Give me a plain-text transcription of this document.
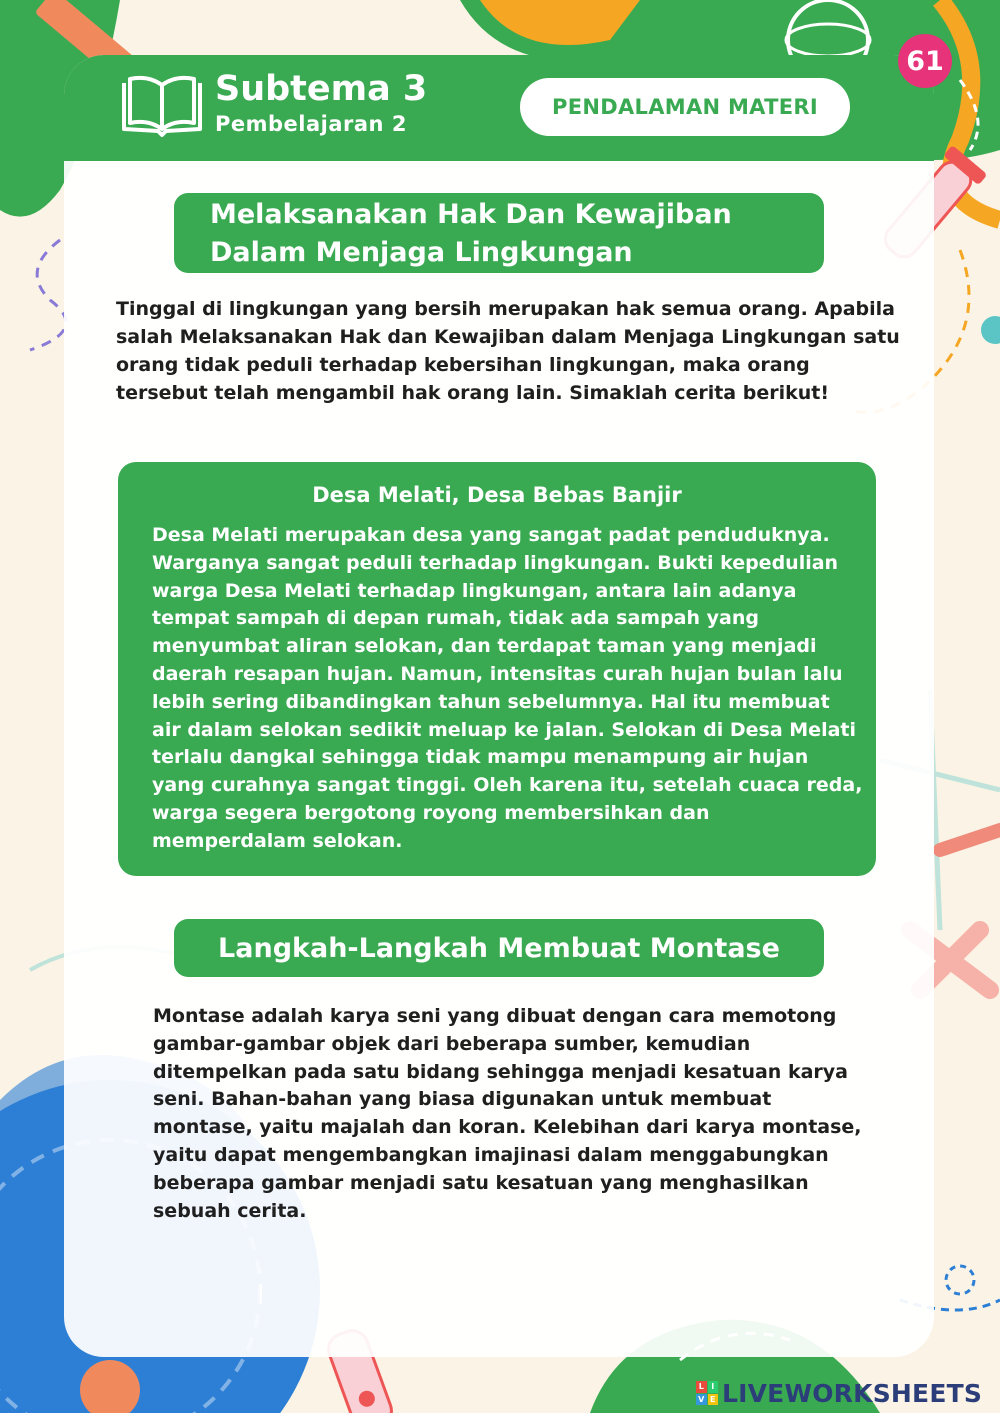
Subtema 3
Pembelajaran 2
PENDALAMAN MATERI
61
Melaksanakan Hak Dan Kewajiban
Dalam Menjaga Lingkungan
Tinggal di lingkungan yang bersih merupakan hak semua orang. Apabila
salah Melaksanakan Hak dan Kewajiban dalam Menjaga Lingkungan satu
orang tidak peduli terhadap kebersihan lingkungan, maka orang
tersebut telah mengambil hak orang lain. Simaklah cerita berikut!
Desa Melati, Desa Bebas Banjir
Desa Melati merupakan desa yang sangat padat penduduknya.
Warganya sangat peduli terhadap lingkungan. Bukti kepedulian
warga Desa Melati terhadap lingkungan, antara lain adanya
tempat sampah di depan rumah, tidak ada sampah yang
menyumbat aliran selokan, dan terdapat taman yang menjadi
daerah resapan hujan. Namun, intensitas curah hujan bulan lalu
lebih sering dibandingkan tahun sebelumnya. Hal itu membuat
air dalam selokan sedikit meluap ke jalan. Selokan di Desa Melati
terlalu dangkal sehingga tidak mampu menampung air hujan
yang curahnya sangat tinggi. Oleh karena itu, setelah cuaca reda,
warga segera bergotong royong membersihkan dan
memperdalam selokan.
Langkah-Langkah Membuat Montase
Montase adalah karya seni yang dibuat dengan cara memotong
gambar-gambar objek dari beberapa sumber, kemudian
ditempelkan pada satu bidang sehingga menjadi kesatuan karya
seni. Bahan-bahan yang biasa digunakan untuk membuat
montase, yaitu majalah dan koran. Kelebihan dari karya montase,
yaitu dapat mengembangkan imajinasi dalam menggabungkan
beberapa gambar menjadi satu kesatuan yang menghasilkan
sebuah cerita.
L I
V E LIVEWORKSHEETS
